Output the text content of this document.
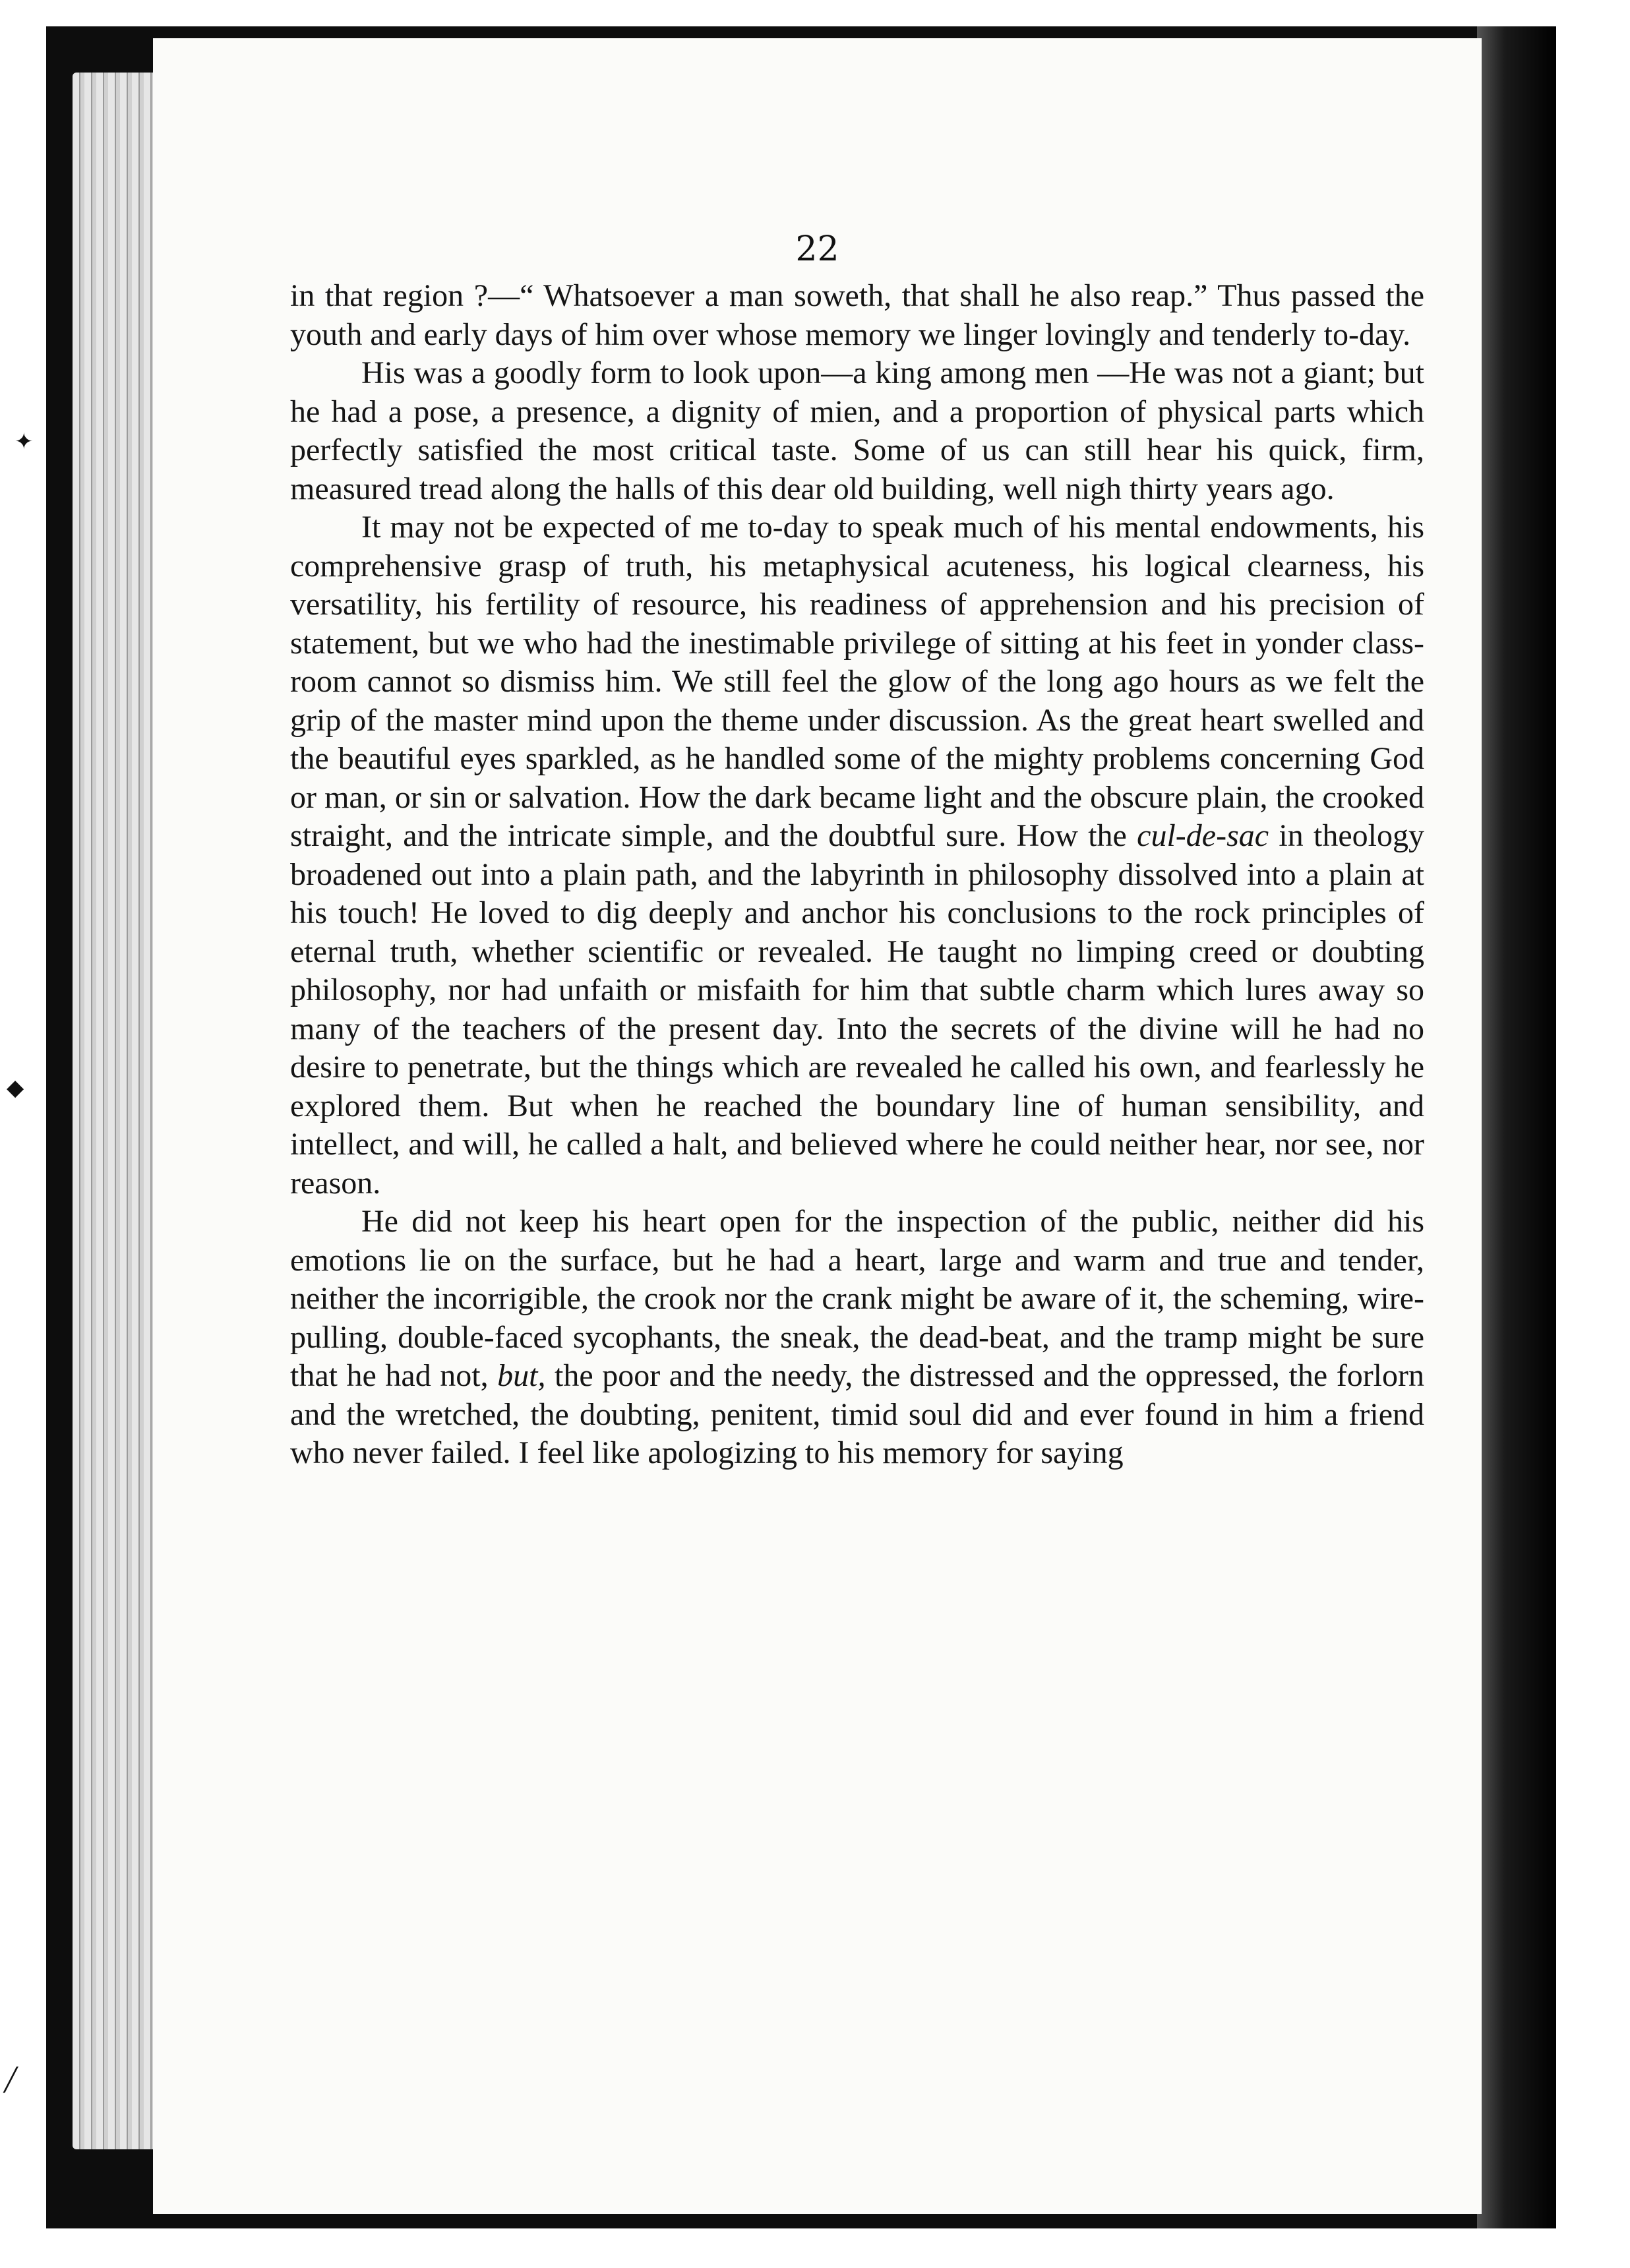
✦
◆
╱
22

in that region ?—“ Whatsoever a man soweth, that shall he also reap.” Thus passed the youth and early days of him over whose memory we linger lovingly and tenderly to-day.

His was a goodly form to look upon—a king among men —He was not a giant; but he had a pose, a presence, a dignity of mien, and a proportion of physical parts which perfectly satisfied the most critical taste. Some of us can still hear his quick, firm, measured tread along the halls of this dear old building, well nigh thirty years ago.

It may not be expected of me to-day to speak much of his mental endowments, his comprehensive grasp of truth, his metaphysical acuteness, his logical clearness, his versatility, his fertility of resource, his readiness of apprehension and his precision of statement, but we who had the inestimable privilege of sitting at his feet in yonder class-room cannot so dismiss him. We still feel the glow of the long ago hours as we felt the grip of the master mind upon the theme under discussion. As the great heart swelled and the beautiful eyes sparkled, as he handled some of the mighty problems concerning God or man, or sin or salvation. How the dark became light and the obscure plain, the crooked straight, and the intricate simple, and the doubtful sure. How the cul-de-sac in theology broadened out into a plain path, and the labyrinth in philosophy dissolved into a plain at his touch! He loved to dig deeply and anchor his conclusions to the rock principles of eternal truth, whether scientific or revealed. He taught no limping creed or doubting philosophy, nor had unfaith or misfaith for him that subtle charm which lures away so many of the teachers of the present day. Into the secrets of the divine will he had no desire to penetrate, but the things which are revealed he called his own, and fearlessly he explored them. But when he reached the boundary line of human sensibility, and intellect, and will, he called a halt, and believed where he could neither hear, nor see, nor reason.

He did not keep his heart open for the inspection of the public, neither did his emotions lie on the surface, but he had a heart, large and warm and true and tender, neither the incorrigible, the crook nor the crank might be aware of it, the scheming, wire-pulling, double-faced sycophants, the sneak, the dead-beat, and the tramp might be sure that he had not, but, the poor and the needy, the distressed and the oppressed, the forlorn and the wretched, the doubting, penitent, timid soul did and ever found in him a friend who never failed. I feel like apologizing to his memory for saying
